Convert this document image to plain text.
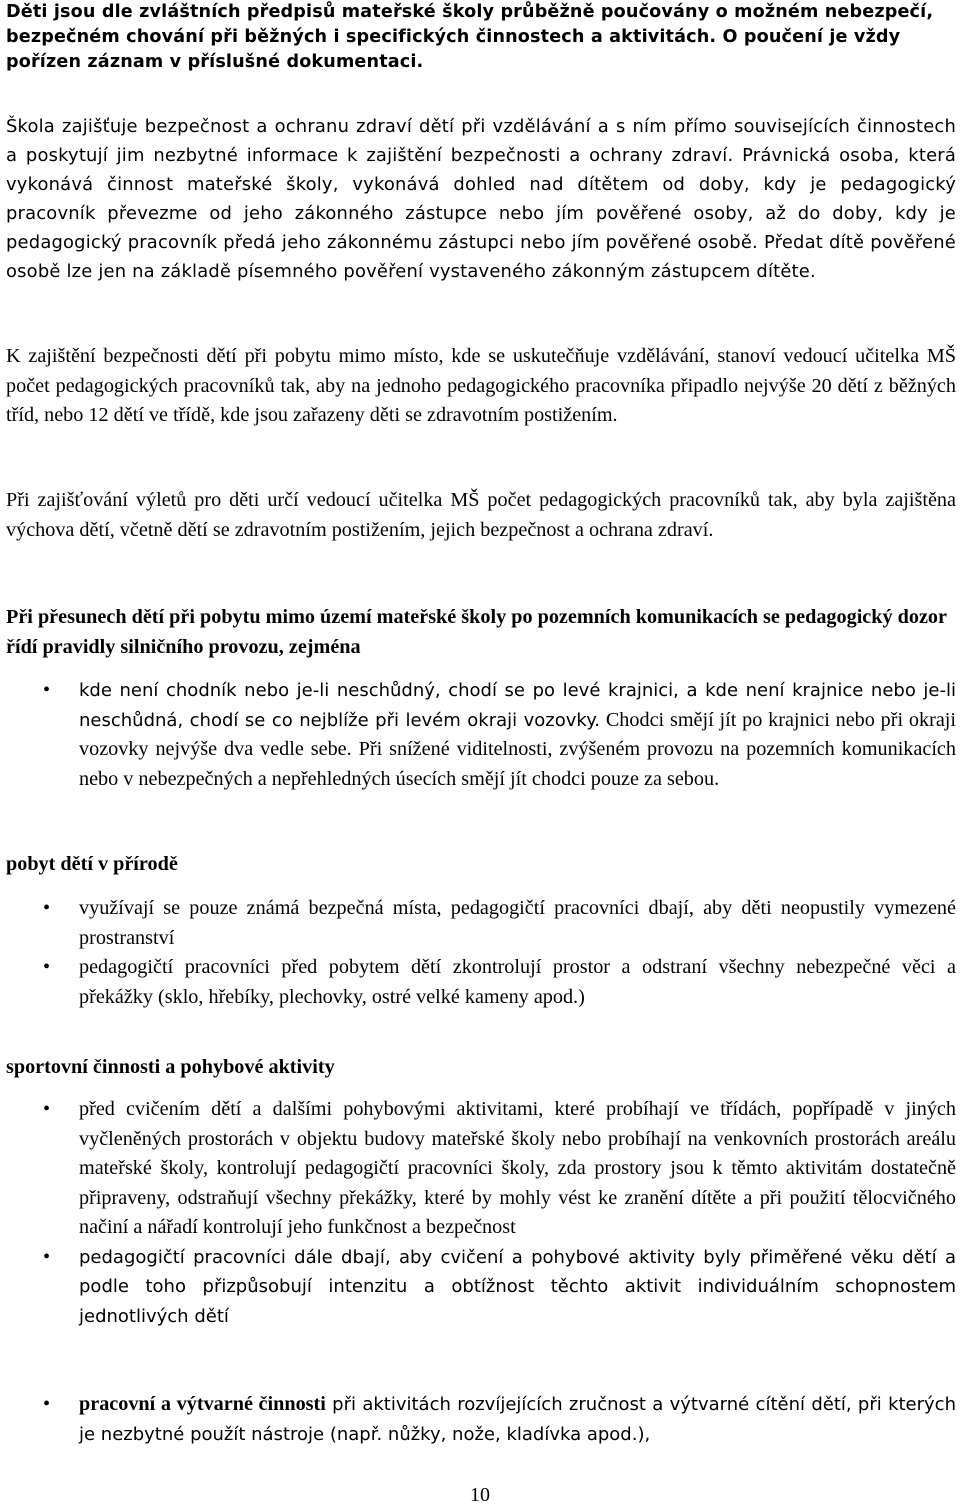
Děti jsou dle zvláštních předpisů mateřské školy průběžně poučovány o možném nebezpečí, bezpečném chování při běžných i specifických činnostech a aktivitách. O poučení je vždy pořízen záznam v příslušné dokumentaci.

Škola zajišťuje bezpečnost a ochranu zdraví dětí při vzdělávání a s ním přímo souvisejících činnostech a poskytují jim nezbytné informace k zajištění bezpečnosti a ochrany zdraví. Právnická osoba, která vykonává činnost mateřské školy, vykonává dohled nad dítětem od doby, kdy je pedagogický pracovník převezme od jeho zákonného zástupce nebo jím pověřené osoby, až do doby, kdy je pedagogický pracovník předá jeho zákonnému zástupci nebo jím pověřené osobě. Předat dítě pověřené osobě lze jen na základě písemného pověření vystaveného zákonným zástupcem dítěte.

K zajištění bezpečnosti dětí při pobytu mimo místo, kde se uskutečňuje vzdělávání, stanoví vedoucí učitelka MŠ počet pedagogických pracovníků tak, aby na jednoho pedagogického pracovníka připadlo nejvýše 20 dětí z běžných tříd, nebo 12 dětí ve třídě, kde jsou zařazeny děti se zdravotním postižením.

Při zajišťování výletů pro děti určí vedoucí učitelka MŠ počet pedagogických pracovníků tak, aby byla zajištěna výchova dětí, včetně dětí se zdravotním postižením, jejich bezpečnost a ochrana zdraví.

Při přesunech dětí při pobytu mimo území mateřské školy po pozemních komunikacích se pedagogický dozor řídí pravidly silničního provozu, zejména

• kde není chodník nebo je-li neschůdný, chodí se po levé krajnici, a kde není krajnice nebo je-li neschůdná, chodí se co nejblíže při levém okraji vozovky. Chodci smějí jít po krajnici nebo při okraji vozovky nejvýše dva vedle sebe. Při snížené viditelnosti, zvýšeném provozu na pozemních komunikacích nebo v nebezpečných a nepřehledných úsecích smějí jít chodci pouze za sebou.

pobyt dětí v přírodě

• využívají se pouze známá bezpečná místa, pedagogičtí pracovníci dbají, aby děti neopustily vymezené prostranství
• pedagogičtí pracovníci před pobytem dětí zkontrolují prostor a odstraní všechny nebezpečné věci a překážky (sklo, hřebíky, plechovky, ostré velké kameny apod.)

sportovní činnosti a pohybové aktivity

• před cvičením dětí a dalšími pohybovými aktivitami, které probíhají ve třídách, popřípadě v jiných vyčleněných prostorách v objektu budovy mateřské školy nebo probíhají na venkovních prostorách areálu mateřské školy, kontrolují pedagogičtí pracovníci školy, zda prostory jsou k těmto aktivitám dostatečně připraveny, odstraňují všechny překážky, které by mohly vést ke zranění dítěte a při použití tělocvičného načiní a nářadí kontrolují jeho funkčnost a bezpečnost
• pedagogičtí pracovníci dále dbají, aby cvičení a pohybové aktivity byly přiměřené věku dětí a podle toho přizpůsobují intenzitu a obtížnost těchto aktivit individuálním schopnostem jednotlivých dětí
• pracovní a výtvarné činnosti při aktivitách rozvíjejících zručnost a výtvarné cítění dětí, při kterých je nezbytné použít nástroje (např. nůžky, nože, kladívka apod.),
10
